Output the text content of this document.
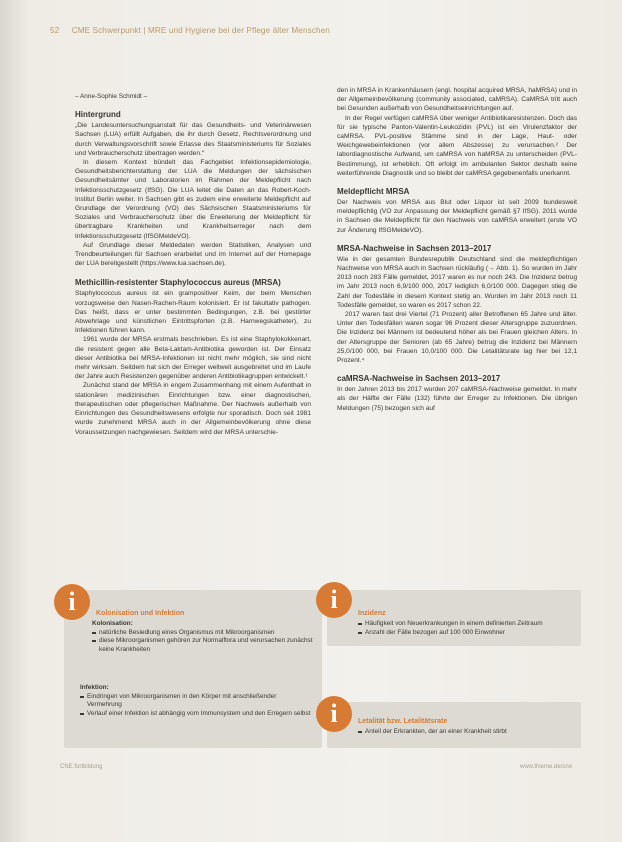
52 CME Schwerpunkt | MRE und Hygiene bei der Pflege älter Menschen
– Anne-Sophie Schmidt –
Hintergrund

„Die Landesuntersuchungsanstalt für das Gesundheits- und Veterinärwesen Sachsen (LUA) erfüllt Aufgaben, die ihr durch Gesetz, Rechtsverordnung und durch Verwaltungsvorschrift sowie Erlasse des Staatsministeriums für Soziales und Verbraucherschutz übertragen werden.“

In diesem Kontext bündelt das Fachgebiet Infektionsepidemiologie, Gesundheitsberichterstattung der LUA die Meldungen der sächsischen Gesundheitsämter und Laboratorien im Rahmen der Meldepflicht nach Infektionsschutzgesetz (IfSG). Die LUA leitet die Daten an das Robert-Koch-Institut Berlin weiter. In Sachsen gibt es zudem eine erweiterte Meldepflicht auf Grundlage der Verordnung (VO) des Sächsischen Staatsministeriums für Soziales und Verbraucherschutz über die Erweiterung der Meldepflicht für übertragbare Krankheiten und Krankheitserreger nach dem Infektionsschutzgesetz (IfSGMeldeVO).

Auf Grundlage dieser Meldedaten werden Statistiken, Analysen und Trendbeurteilungen für Sachsen erarbeitet und im Internet auf der Homepage der LUA bereitgestellt (https://www.lua.sachsen.de).

Methicillin-resistenter Staphylococcus aureus (MRSA)

Staphylococcus aureus ist ein grampositiver Keim, der beim Menschen vorzugsweise den Nasen-Rachen-Raum kolonisiert. Er ist fakultativ pathogen. Das heißt, dass er unter bestimmten Bedingungen, z.B. bei gestörter Abwehrlage und künstlichen Eintrittspforten (z.B. Harnwegskatheter), zu Infektionen führen kann.

1961 wurde der MRSA erstmals beschrieben. Es ist eine Staphylokokkenart, die resistent gegen alle Beta-Laktam-Antibiotika geworden ist. Der Einsatz dieser Antibiotika bei MRSA-Infektionen ist nicht mehr möglich, sie sind nicht mehr wirksam. Seitdem hat sich der Erreger weltweit ausgebreitet und im Laufe der Jahre auch Resistenzen gegenüber anderen Antibiotikagruppen entwickelt.¹

Zunächst stand der MRSA in engem Zusammenhang mit einem Aufenthalt in stationären medizinischen Einrichtungen bzw. einer diagnostischen, therapeutischen oder pflegerischen Maßnahme. Der Nachweis außerhalb von Einrichtungen des Gesundheitswesens erfolgte nur sporadisch. Doch seit 1981 wurde zunehmend MRSA auch in der Allgemeinbevölkerung ohne diese Voraussetzungen nachgewiesen. Seitdem wird der MRSA unterschie-

den in MRSA in Krankenhäusern (engl. hospital acquired MRSA, haMRSA) und in der Allgemeinbevölkerung (community associated, caMRSA). CaMRSA tritt auch bei Gesunden außerhalb von Gesundheitseinrichtungen auf.

In der Regel verfügen caMRSA über weniger Antibiotikaresistenzen. Doch das für sie typische Panton-Valentin-Leukozidin (PVL) ist ein Virulenzfaktor der caMRSA. PVL-positive Stämme sind in der Lage, Haut- oder Weichgewebeinfektionen (vor allem Abszesse) zu verursachen.² Der labordiagnostische Aufwand, um caMRSA von haMRSA zu unterscheiden (PVL-Bestimmung), ist erheblich. Oft erfolgt im ambulanten Sektor deshalb keine weiterführende Diagnostik und so bleibt der caMRSA gegebenenfalls unerkannt.

Meldepflicht MRSA

Der Nachweis von MRSA aus Blut oder Liquor ist seit 2009 bundesweit meldepflichtig (VO zur Anpassung der Meldepflicht gemäß §7 IfSG). 2011 wurde in Sachsen die Meldepflicht für den Nachweis von caMRSA erweitert (erste VO zur Änderung IfSGMeldeVO).

MRSA-Nachweise in Sachsen 2013–2017

Wie in der gesamten Bundesrepublik Deutschland sind die meldepflichtigen Nachweise von MRSA auch in Sachsen rückläufig (→ Abb. 1). So wurden im Jahr 2013 noch 283 Fälle gemeldet, 2017 waren es nur noch 243. Die Inzidenz betrug im Jahr 2013 noch 6,9/100 000, 2017 lediglich 6,0/100 000. Dagegen stieg die Zahl der Todesfälle in diesem Kontext stetig an. Wurden im Jahr 2013 noch 11 Todesfälle gemeldet, so waren es 2017 schon 22.

2017 waren fast drei Viertel (71 Prozent) aller Betroffenen 65 Jahre und älter. Unter den Todesfällen waren sogar 96 Prozent dieser Altersgruppe zuzuordnen. Die Inzidenz bei Männern ist bedeutend höher als bei Frauen gleichen Alters. In der Altersgruppe der Senioren (ab 65 Jahre) betrug die Inzidenz bei Männern 25,0/100 000, bei Frauen 10,0/100 000. Die Letalitätsrate lag hier bei 12,1 Prozent.⁴

caMRSA-Nachweise in Sachsen 2013–2017

In den Jahren 2013 bis 2017 wurden 207 caMRSA-Nachweise gemeldet. In mehr als der Hälfte der Fälle (132) führte der Erreger zu Infektionen. Die übrigen Meldungen (75) bezogen sich auf

i	Kolonisation und Infektion
Kolonisation:
natürliche Besiedlung eines Organismus mit Mikroorganismen
diese Mikroorganismen gehören zur Normalflora und verursachen zunächst keine Krankheiten
Infektion:
Eindringen von Mikroorganismen in den Körper mit anschließender Vermehrung
Verlauf einer Infektion ist abhängig vom Immunsystem und den Erregern selbst
i	Inzidenz
Häufigkeit von Neuerkrankungen in einem definierten Zeitraum
Anzahl der Fälle bezogen auf 100 000 Einwohner
i	Letalität bzw. Letalitätsrate
Anteil der Erkrankten, der an einer Krankheit stirbt
CNE.fortbildung	www.thieme.de/cne
